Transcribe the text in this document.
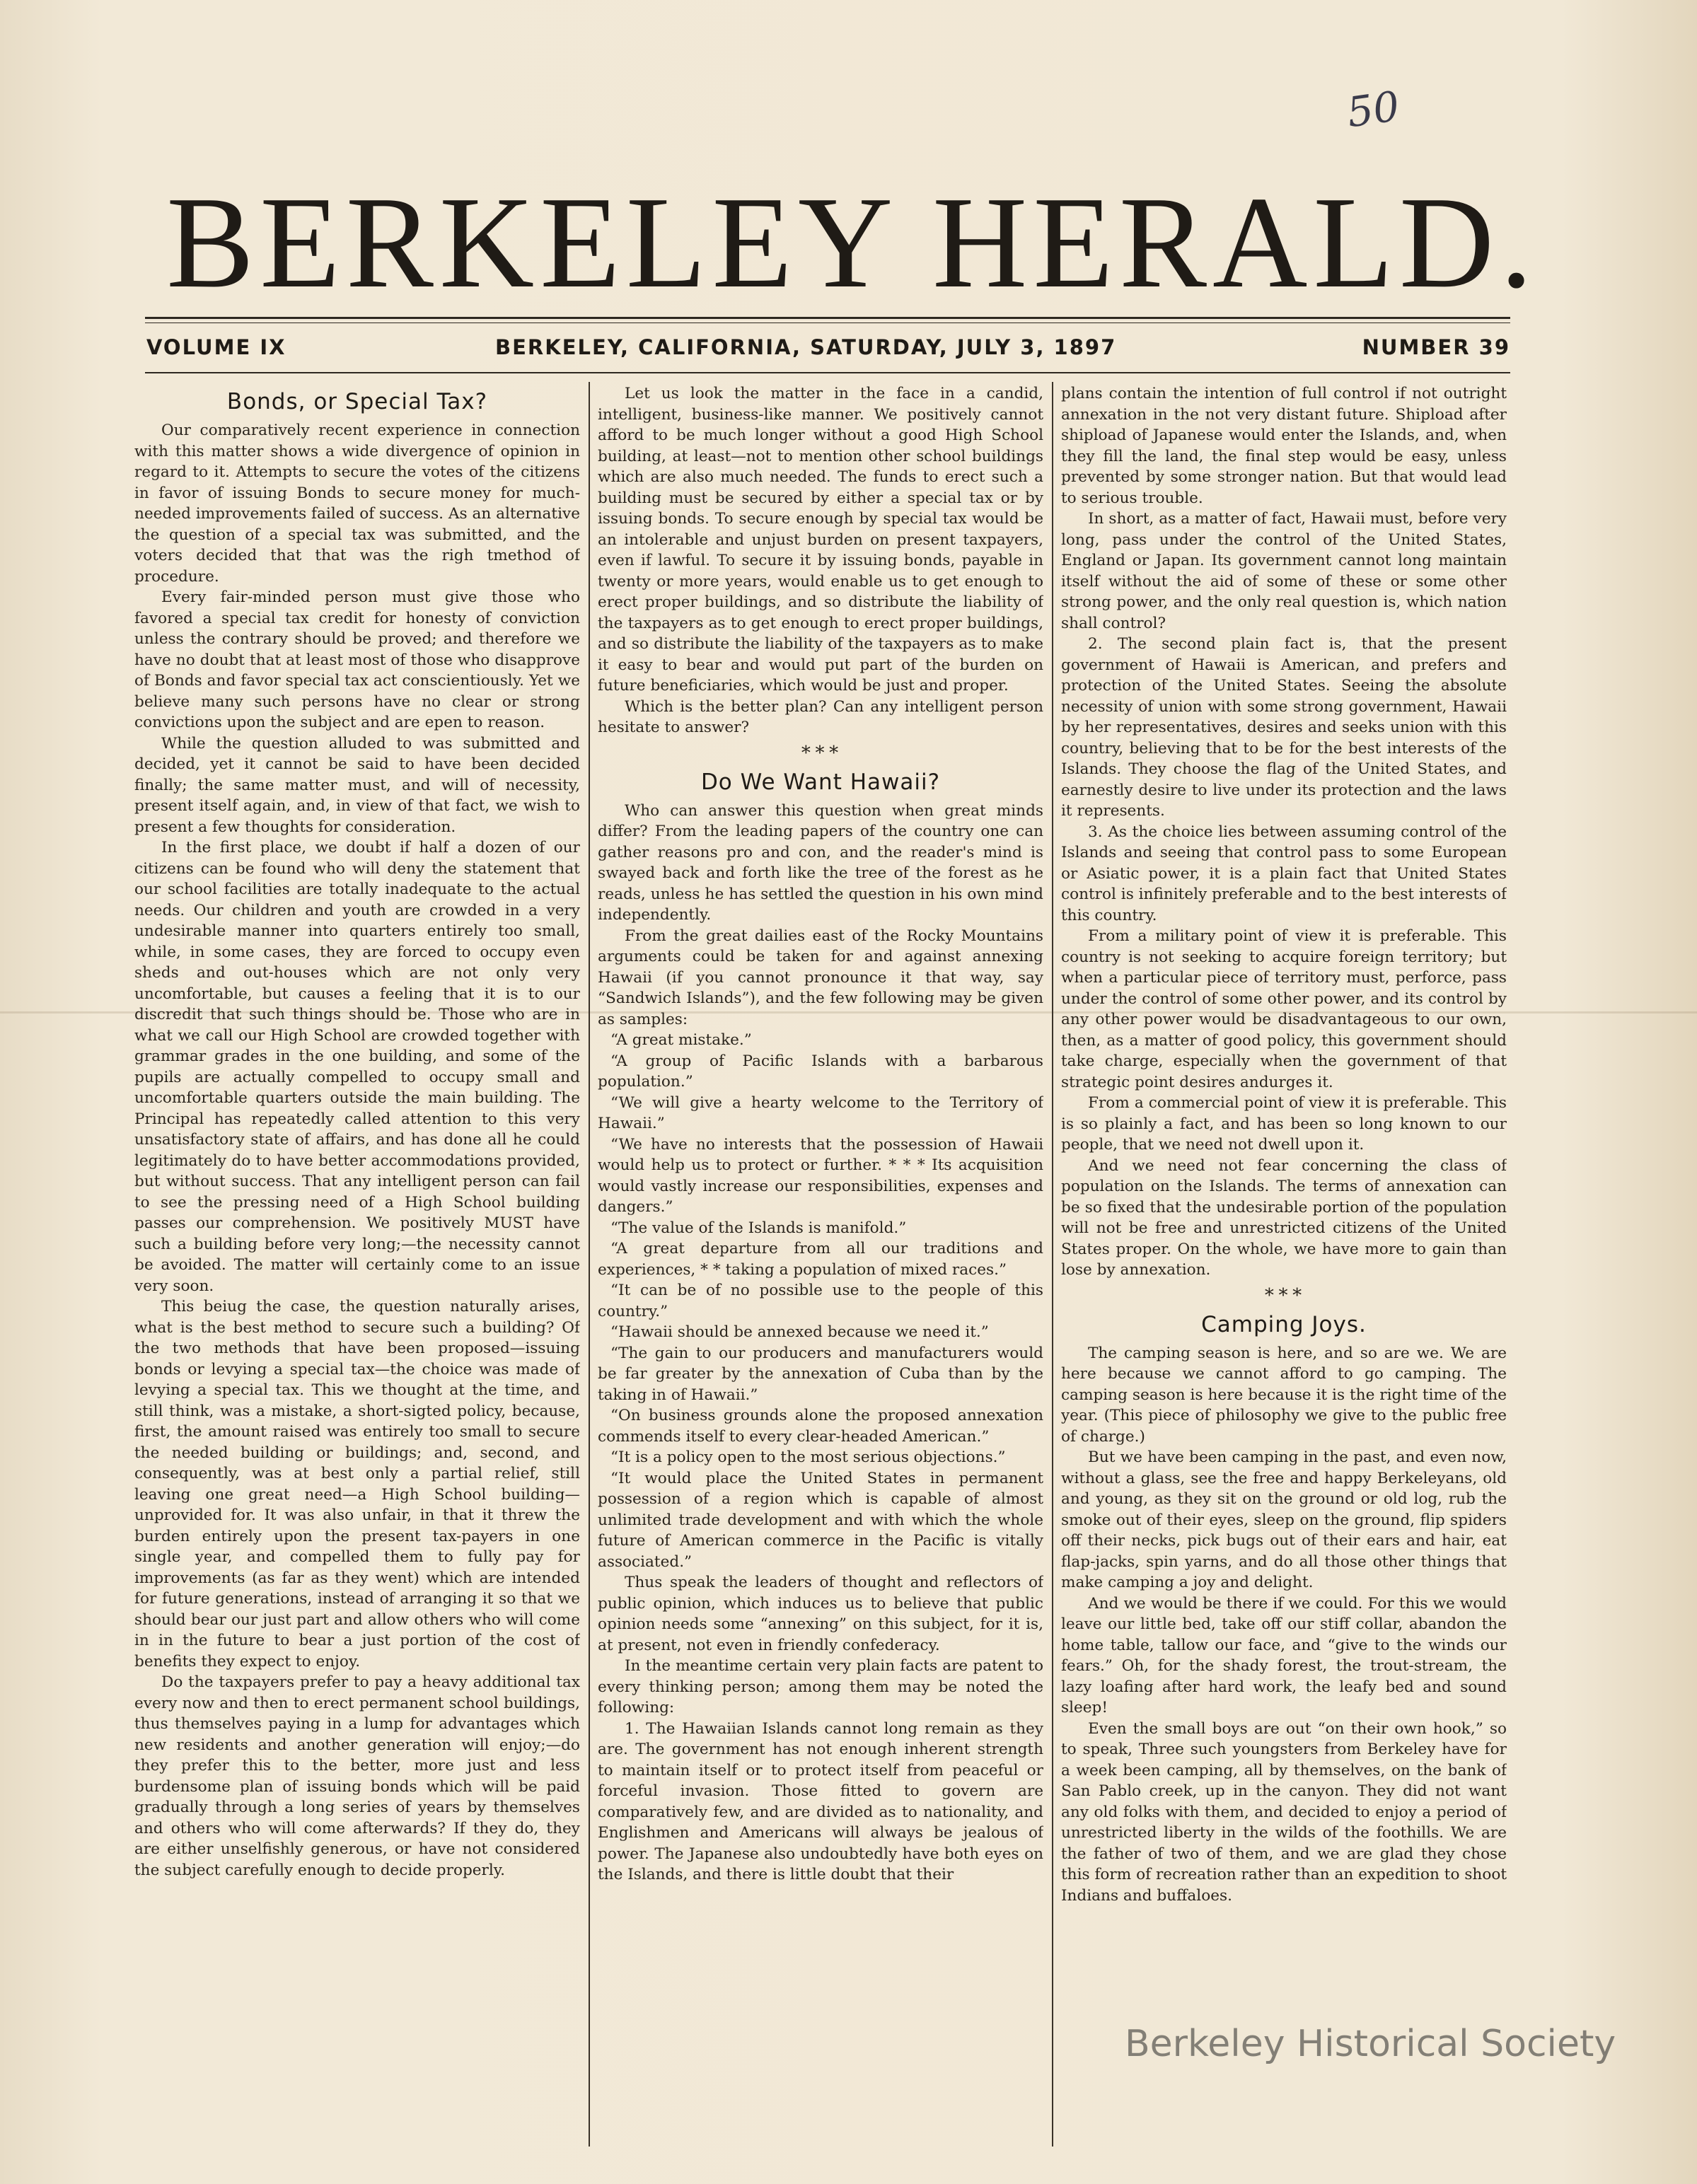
50
BERKELEY HERALD.
VOLUME IX	BERKELEY, CALIFORNIA, SATURDAY, JULY 3, 1897	NUMBER 39
Bonds, or Special Tax?

Our comparatively recent experience in connection with this matter shows a wide divergence of opinion in regard to it. Attempts to secure the votes of the citizens in favor of issuing Bonds to secure money for much-needed improvements failed of success. As an alternative the question of a special tax was submitted, and the voters decided that that was the righ tmethod of procedure.

Every fair-minded person must give those who favored a special tax credit for honesty of conviction unless the contrary should be proved; and therefore we have no doubt that at least most of those who disapprove of Bonds and favor special tax act conscientiously. Yet we believe many such persons have no clear or strong convictions upon the subject and are epen to reason.

While the question alluded to was submitted and decided, yet it cannot be said to have been decided finally; the same matter must, and will of necessity, present itself again, and, in view of that fact, we wish to present a few thoughts for consideration.

In the first place, we doubt if half a dozen of our citizens can be found who will deny the statement that our school facilities are totally inadequate to the actual needs. Our children and youth are crowded in a very undesirable manner into quarters entirely too small, while, in some cases, they are forced to occupy even sheds and out-houses which are not only very uncomfortable, but causes a feeling that it is to our discredit that such things should be. Those who are in what we call our High School are crowded together with grammar grades in the one building, and some of the pupils are actually compelled to occupy small and uncomfortable quarters outside the main building. The Principal has repeatedly called attention to this very unsatisfactory state of affairs, and has done all he could legitimately do to have better accommodations provided, but without success. That any intelligent person can fail to see the pressing need of a High School building passes our comprehension. We positively MUST have such a building before very long;—the necessity cannot be avoided. The matter will certainly come to an issue very soon.

This beiug the case, the question naturally arises, what is the best method to secure such a building? Of the two methods that have been proposed—issuing bonds or levying a special tax—the choice was made of levying a special tax. This we thought at the time, and still think, was a mistake, a short-sigted policy, because, first, the amount raised was entirely too small to secure the needed building or buildings; and, second, and consequently, was at best only a partial relief, still leaving one great need—a High School building—unprovided for. It was also unfair, in that it threw the burden entirely upon the present tax-payers in one single year, and compelled them to fully pay for improvements (as far as they went) which are intended for future generations, instead of arranging it so that we should bear our just part and allow others who will come in in the future to bear a just portion of the cost of benefits they expect to enjoy.

Do the taxpayers prefer to pay a heavy additional tax every now and then to erect permanent school buildings, thus themselves paying in a lump for advantages which new residents and another generation will enjoy;—do they prefer this to the better, more just and less burdensome plan of issuing bonds which will be paid gradually through a long series of years by themselves and others who will come afterwards? If they do, they are either unselfishly generous, or have not considered the subject carefully enough to decide properly.

Let us look the matter in the face in a candid, intelligent, business-like manner. We positively cannot afford to be much longer without a good High School building, at least—not to mention other school buildings which are also much needed. The funds to erect such a building must be secured by either a special tax or by issuing bonds. To secure enough by special tax would be an intolerable and unjust burden on present taxpayers, even if lawful. To secure it by issuing bonds, payable in twenty or more years, would enable us to get enough to erect proper buildings, and so distribute the liability of the taxpayers as to get enough to erect proper buildings, and so distribute the liability of the taxpayers as to make it easy to bear and would put part of the burden on future beneficiaries, which would be just and proper.

Which is the better plan? Can any intelligent person hesitate to answer?

* * *
Do We Want Hawaii?

Who can answer this question when great minds differ? From the leading papers of the country one can gather reasons pro and con, and the reader's mind is swayed back and forth like the tree of the forest as he reads, unless he has settled the question in his own mind independently.

From the great dailies east of the Rocky Mountains arguments could be taken for and against annexing Hawaii (if you cannot pronounce it that way, say “Sandwich Islands”), and the few following may be given as samples:

“A great mistake.”

“A group of Pacific Islands with a barbarous population.”

“We will give a hearty welcome to the Territory of Hawaii.”

“We have no interests that the possession of Hawaii would help us to protect or further. * * * Its acquisition would vastly increase our responsibilities, expenses and dangers.”

“The value of the Islands is manifold.”

“A great departure from all our traditions and experiences, * * taking a population of mixed races.”

“It can be of no possible use to the people of this country.”

“Hawaii should be annexed because we need it.”

“The gain to our producers and manufacturers would be far greater by the annexation of Cuba than by the taking in of Hawaii.”

“On business grounds alone the proposed annexation commends itself to every clear-headed American.”

“It is a policy open to the most serious objections.”

“It would place the United States in permanent possession of a region which is capable of almost unlimited trade development and with which the whole future of American commerce in the Pacific is vitally associated.”

Thus speak the leaders of thought and reflectors of public opinion, which induces us to believe that public opinion needs some “annexing” on this subject, for it is, at present, not even in friendly confederacy.

In the meantime certain very plain facts are patent to every thinking person; among them may be noted the following:

1. The Hawaiian Islands cannot long remain as they are. The government has not enough inherent strength to maintain itself or to protect itself from peaceful or forceful invasion. Those fitted to govern are comparatively few, and are divided as to nationality, and Englishmen and Americans will always be jealous of power. The Japanese also undoubtedly have both eyes on the Islands, and there is little doubt that their

plans contain the intention of full control if not outright annexation in the not very distant future. Shipload after shipload of Japanese would enter the Islands, and, when they fill the land, the final step would be easy, unless prevented by some stronger nation. But that would lead to serious trouble.

In short, as a matter of fact, Hawaii must, before very long, pass under the control of the United States, England or Japan. Its government cannot long maintain itself without the aid of some of these or some other strong power, and the only real question is, which nation shall control?

2. The second plain fact is, that the present government of Hawaii is American, and prefers and protection of the United States. Seeing the absolute necessity of union with some strong government, Hawaii by her representatives, desires and seeks union with this country, believing that to be for the best interests of the Islands. They choose the flag of the United States, and earnestly desire to live under its protection and the laws it represents.

3. As the choice lies between assuming control of the Islands and seeing that control pass to some European or Asiatic power, it is a plain fact that United States control is infinitely preferable and to the best interests of this country.

From a military point of view it is preferable. This country is not seeking to acquire foreign territory; but when a particular piece of territory must, perforce, pass under the control of some other power, and its control by any other power would be disadvantageous to our own, then, as a matter of good policy, this government should take charge, especially when the government of that strategic point desires andurges it.

From a commercial point of view it is preferable. This is so plainly a fact, and has been so long known to our people, that we need not dwell upon it.

And we need not fear concerning the class of population on the Islands. The terms of annexation can be so fixed that the undesirable portion of the population will not be free and unrestricted citizens of the United States proper. On the whole, we have more to gain than lose by annexation.

* * *
Camping Joys.

The camping season is here, and so are we. We are here because we cannot afford to go camping. The camping season is here because it is the right time of the year. (This piece of philosophy we give to the public free of charge.)

But we have been camping in the past, and even now, without a glass, see the free and happy Berkeleyans, old and young, as they sit on the ground or old log, rub the smoke out of their eyes, sleep on the ground, flip spiders off their necks, pick bugs out of their ears and hair, eat flap-jacks, spin yarns, and do all those other things that make camping a joy and delight.

And we would be there if we could. For this we would leave our little bed, take off our stiff collar, abandon the home table, tallow our face, and “give to the winds our fears.” Oh, for the shady forest, the trout-stream, the lazy loafing after hard work, the leafy bed and sound sleep!

Even the small boys are out “on their own hook,” so to speak, Three such youngsters from Berkeley have for a week been camping, all by themselves, on the bank of San Pablo creek, up in the canyon. They did not want any old folks with them, and decided to enjoy a period of unrestricted liberty in the wilds of the foothills. We are the father of two of them, and we are glad they chose this form of recreation rather than an expedition to shoot Indians and buffaloes.

Berkeley Historical Society
